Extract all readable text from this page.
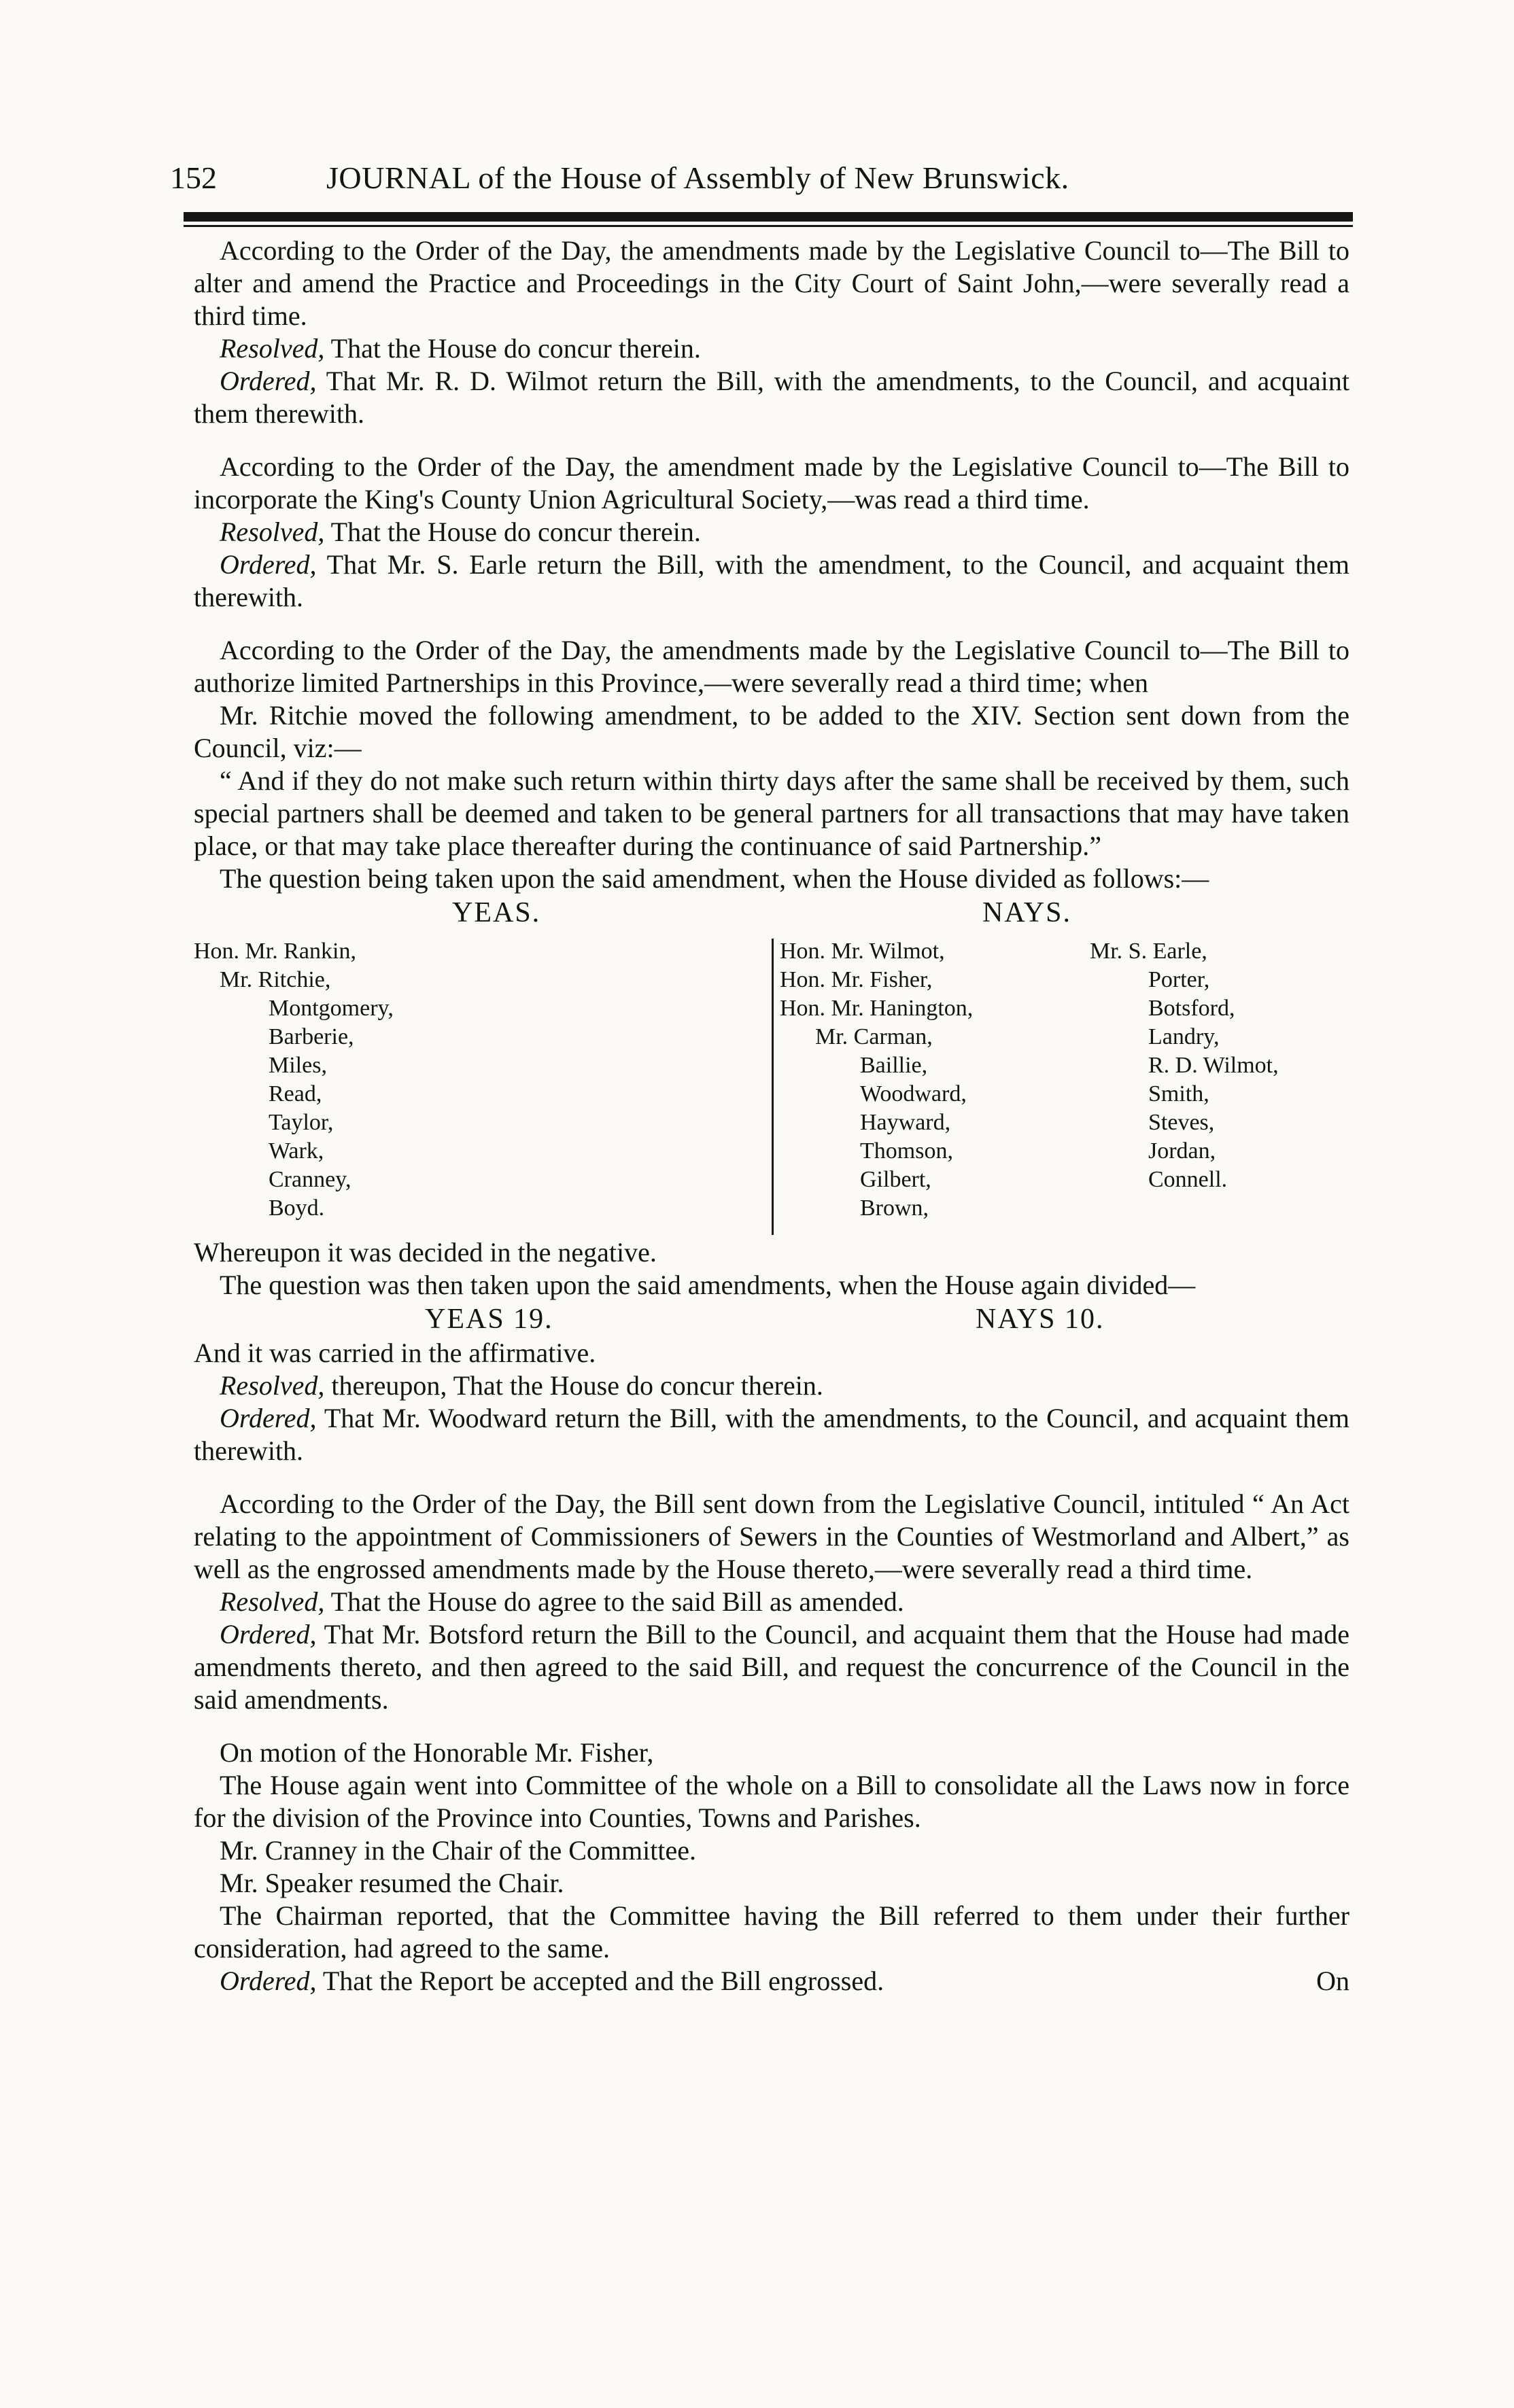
152	JOURNAL of the House of Assembly of New Brunswick.

According to the Order of the Day, the amendments made by the Legislative Council to—The Bill to alter and amend the Practice and Proceedings in the City Court of Saint John,—were severally read a third time.

Resolved, That the House do concur therein.

Ordered, That Mr. R. D. Wilmot return the Bill, with the amendments, to the Council, and acquaint them therewith.

According to the Order of the Day, the amendment made by the Legislative Council to—The Bill to incorporate the King's County Union Agricultural Society,—was read a third time.

Resolved, That the House do concur therein.

Ordered, That Mr. S. Earle return the Bill, with the amendment, to the Council, and acquaint them therewith.

According to the Order of the Day, the amendments made by the Legislative Council to—The Bill to authorize limited Partnerships in this Province,—were severally read a third time; when

Mr. Ritchie moved the following amendment, to be added to the XIV. Section sent down from the Council, viz:—

“ And if they do not make such return within thirty days after the same shall be received by them, such special partners shall be deemed and taken to be general partners for all transactions that may have taken place, or that may take place thereafter during the continuance of said Partnership.”

The question being taken upon the said amendment, when the House divided as follows:—

YEAS.	NAYS.
Hon. Mr. Rankin,
Mr. Ritchie,
Montgomery,
Barberie,
Miles,
Read,
Taylor,
Wark,
Cranney,
Boyd.
Hon. Mr. Wilmot,
Hon. Mr. Fisher,
Hon. Mr. Hanington,
Mr. Carman,
Baillie,
Woodward,
Hayward,
Thomson,
Gilbert,
Brown,
Mr. S. Earle,
Porter,
Botsford,
Landry,
R. D. Wilmot,
Smith,
Steves,
Jordan,
Connell.

Whereupon it was decided in the negative.

The question was then taken upon the said amendments, when the House again divided—

YEAS 19.	NAYS 10.

And it was carried in the affirmative.

Resolved, thereupon, That the House do concur therein.

Ordered, That Mr. Woodward return the Bill, with the amendments, to the Council, and acquaint them therewith.

According to the Order of the Day, the Bill sent down from the Legislative Council, intituled “ An Act relating to the appointment of Commissioners of Sewers in the Counties of Westmorland and Albert,” as well as the engrossed amendments made by the House thereto,—were severally read a third time.

Resolved, That the House do agree to the said Bill as amended.

Ordered, That Mr. Botsford return the Bill to the Council, and acquaint them that the House had made amendments thereto, and then agreed to the said Bill, and request the concurrence of the Council in the said amendments.

On motion of the Honorable Mr. Fisher,

The House again went into Committee of the whole on a Bill to consolidate all the Laws now in force for the division of the Province into Counties, Towns and Parishes.

Mr. Cranney in the Chair of the Committee.

Mr. Speaker resumed the Chair.

The Chairman reported, that the Committee having the Bill referred to them under their further consideration, had agreed to the same.

Ordered, That the Report be accepted and the Bill engrossed.	On
